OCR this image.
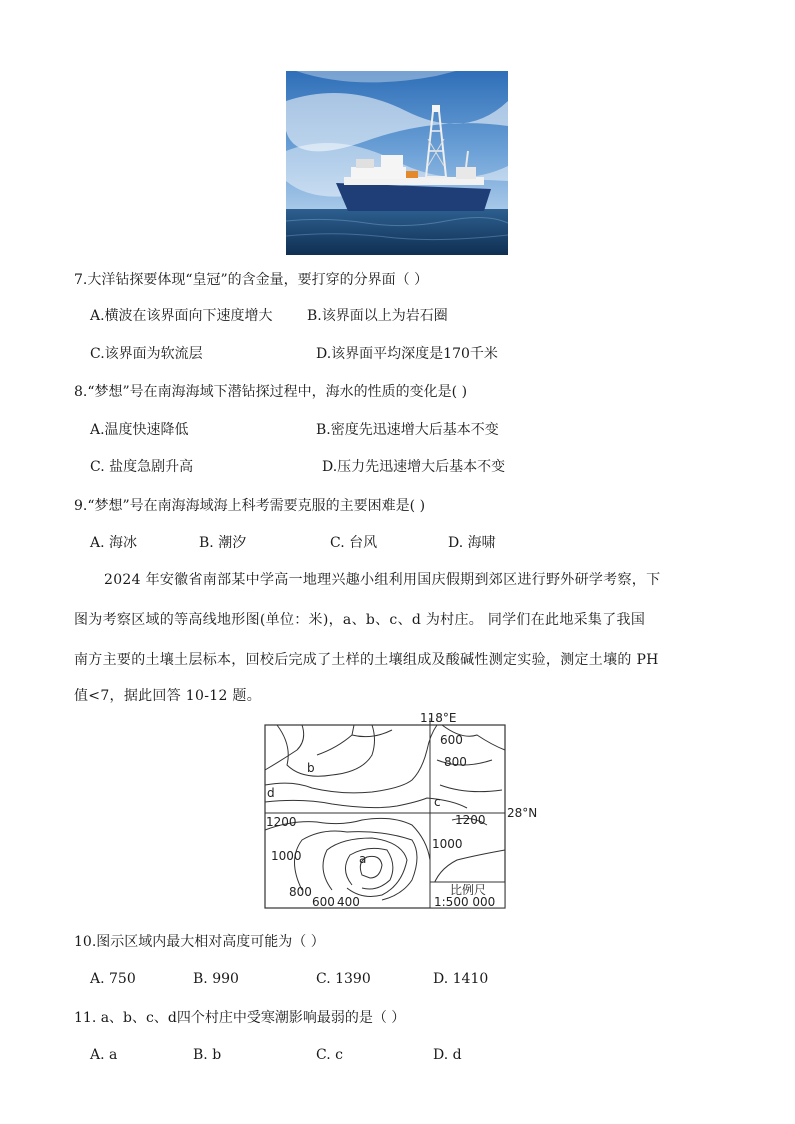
7.大洋钻探要体现“皇冠”的含金量，要打穿的分界面（ ）
A.横波在该界面向下速度增大 B.该界面以上为岩石圈
C.该界面为软流层	D.该界面平均深度是170千米
8.“梦想”号在南海海域下潜钻探过程中，海水的性质的变化是( )
A.温度快速降低	B.密度先迅速增大后基本不变
C. 盐度急剧升高	D.压力先迅速增大后基本不变
9.“梦想”号在南海海域海上科考需要克服的主要困难是( )
A. 海冰	B. 潮汐	C. 台风	D. 海啸
2024 年安徽省南部某中学高一地理兴趣小组利用国庆假期到郊区进行野外研学考察，下
图为考察区域的等高线地形图(单位：米)，a、b、c、d 为村庄。 同学们在此地采集了我国
南方主要的土壤土层标本，回校后完成了土样的土壤组成及酸碱性测定实验，测定土壤的 PH
值<7，据此回答 10-12 题。
118°E
28°N
600
800
1200	1200
1000
1000
800
600 400
a
b
c
d
比例尺
1:500 000
10.图示区域内最大相对高度可能为（ ）
A. 750	B. 990	C. 1390	D. 1410
11. a、b、c、d四个村庄中受寒潮影响最弱的是（ ）
A. a	B. b	C. c	D. d
